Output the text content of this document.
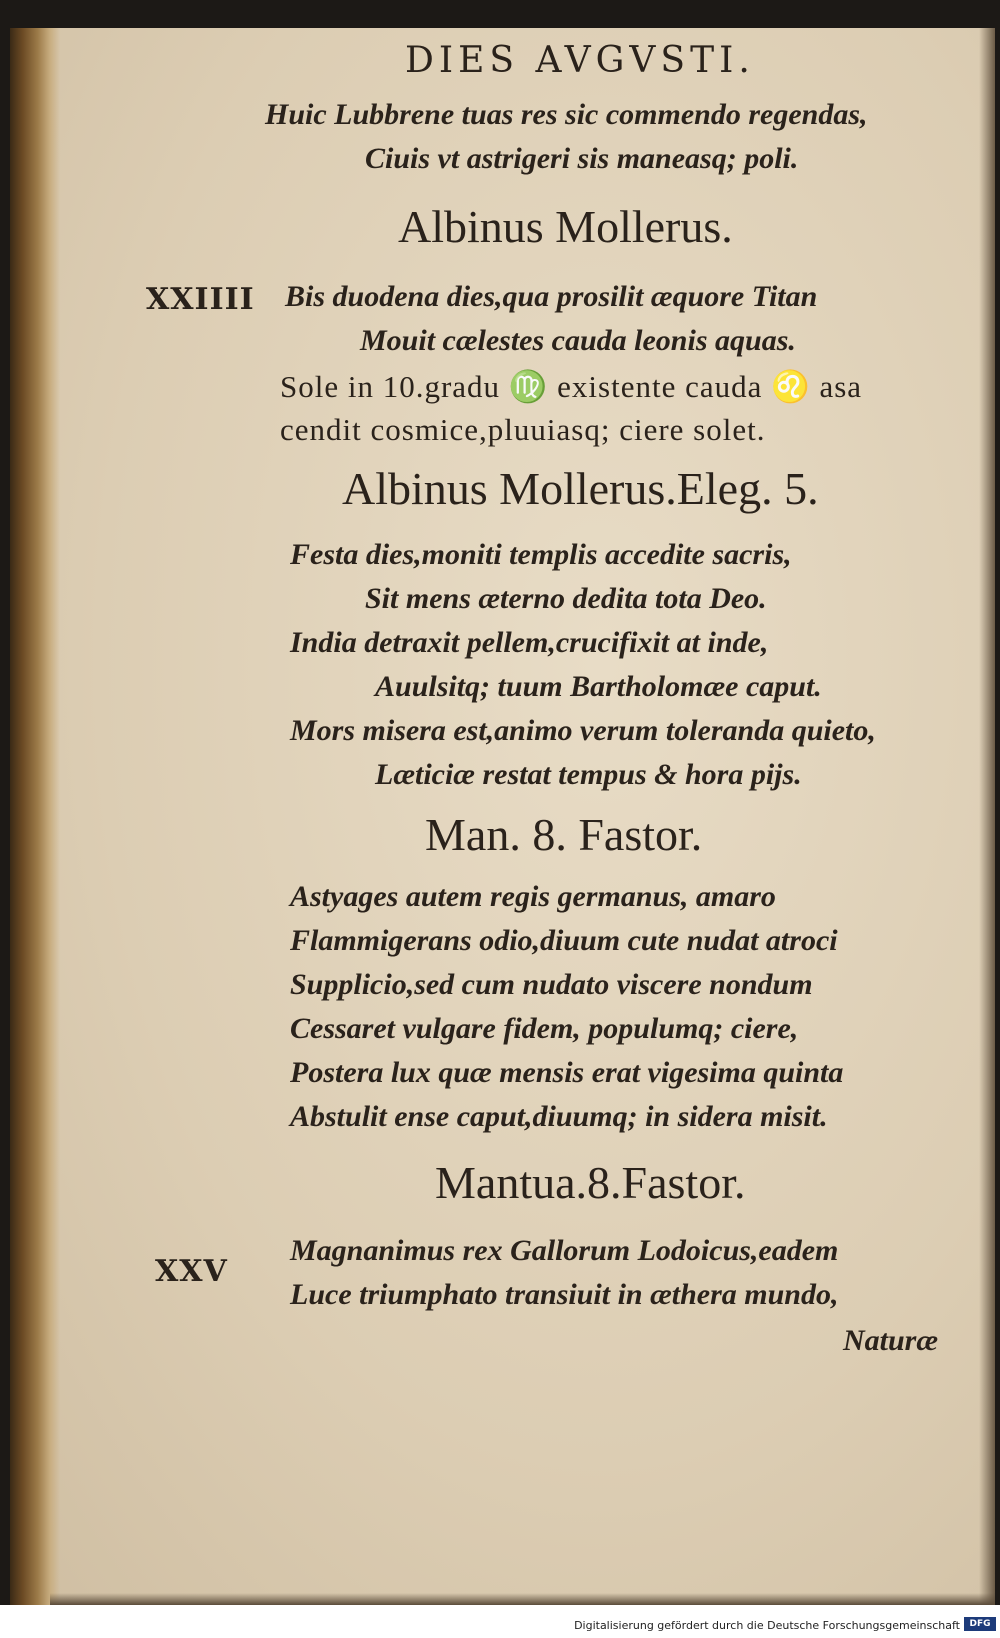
DIES AVGVSTI.
Huic Lubbrene tuas res sic commendo regendas,
Ciuis vt astrigeri sis maneasq; poli.
Albinus Mollerus.
XXIIII Bis duodena dies,qua prosilit æquore Titan
Mouit cælestes cauda leonis aquas.
Sole in 10.gradu ♍ existente cauda ♌ asa
cendit cosmice,pluuiasq; ciere solet.
Albinus Mollerus.Eleg. 5.
Festa dies,moniti templis accedite sacris,
Sit mens æterno dedita tota Deo.
India detraxit pellem,crucifixit at inde,
Auulsitq; tuum Bartholomæe caput.
Mors misera est,animo verum toleranda quieto,
Læticiæ restat tempus & hora pijs.
Man. 8. Fastor.
Astyages autem regis germanus, amaro
Flammigerans odio,diuum cute nudat atroci
Supplicio,sed cum nudato viscere nondum
Cessaret vulgare fidem, populumq; ciere,
Postera lux quæ mensis erat vigesima quinta
Abstulit ense caput,diuumq; in sidera misit.
Mantua.8.Fastor.
XXV
Magnanimus rex Gallorum Lodoicus,eadem
Luce triumphato transiuit in æthera mundo,
Naturæ
Digitalisierung gefördert durch die Deutsche Forschungsgemeinschaft	DFG
